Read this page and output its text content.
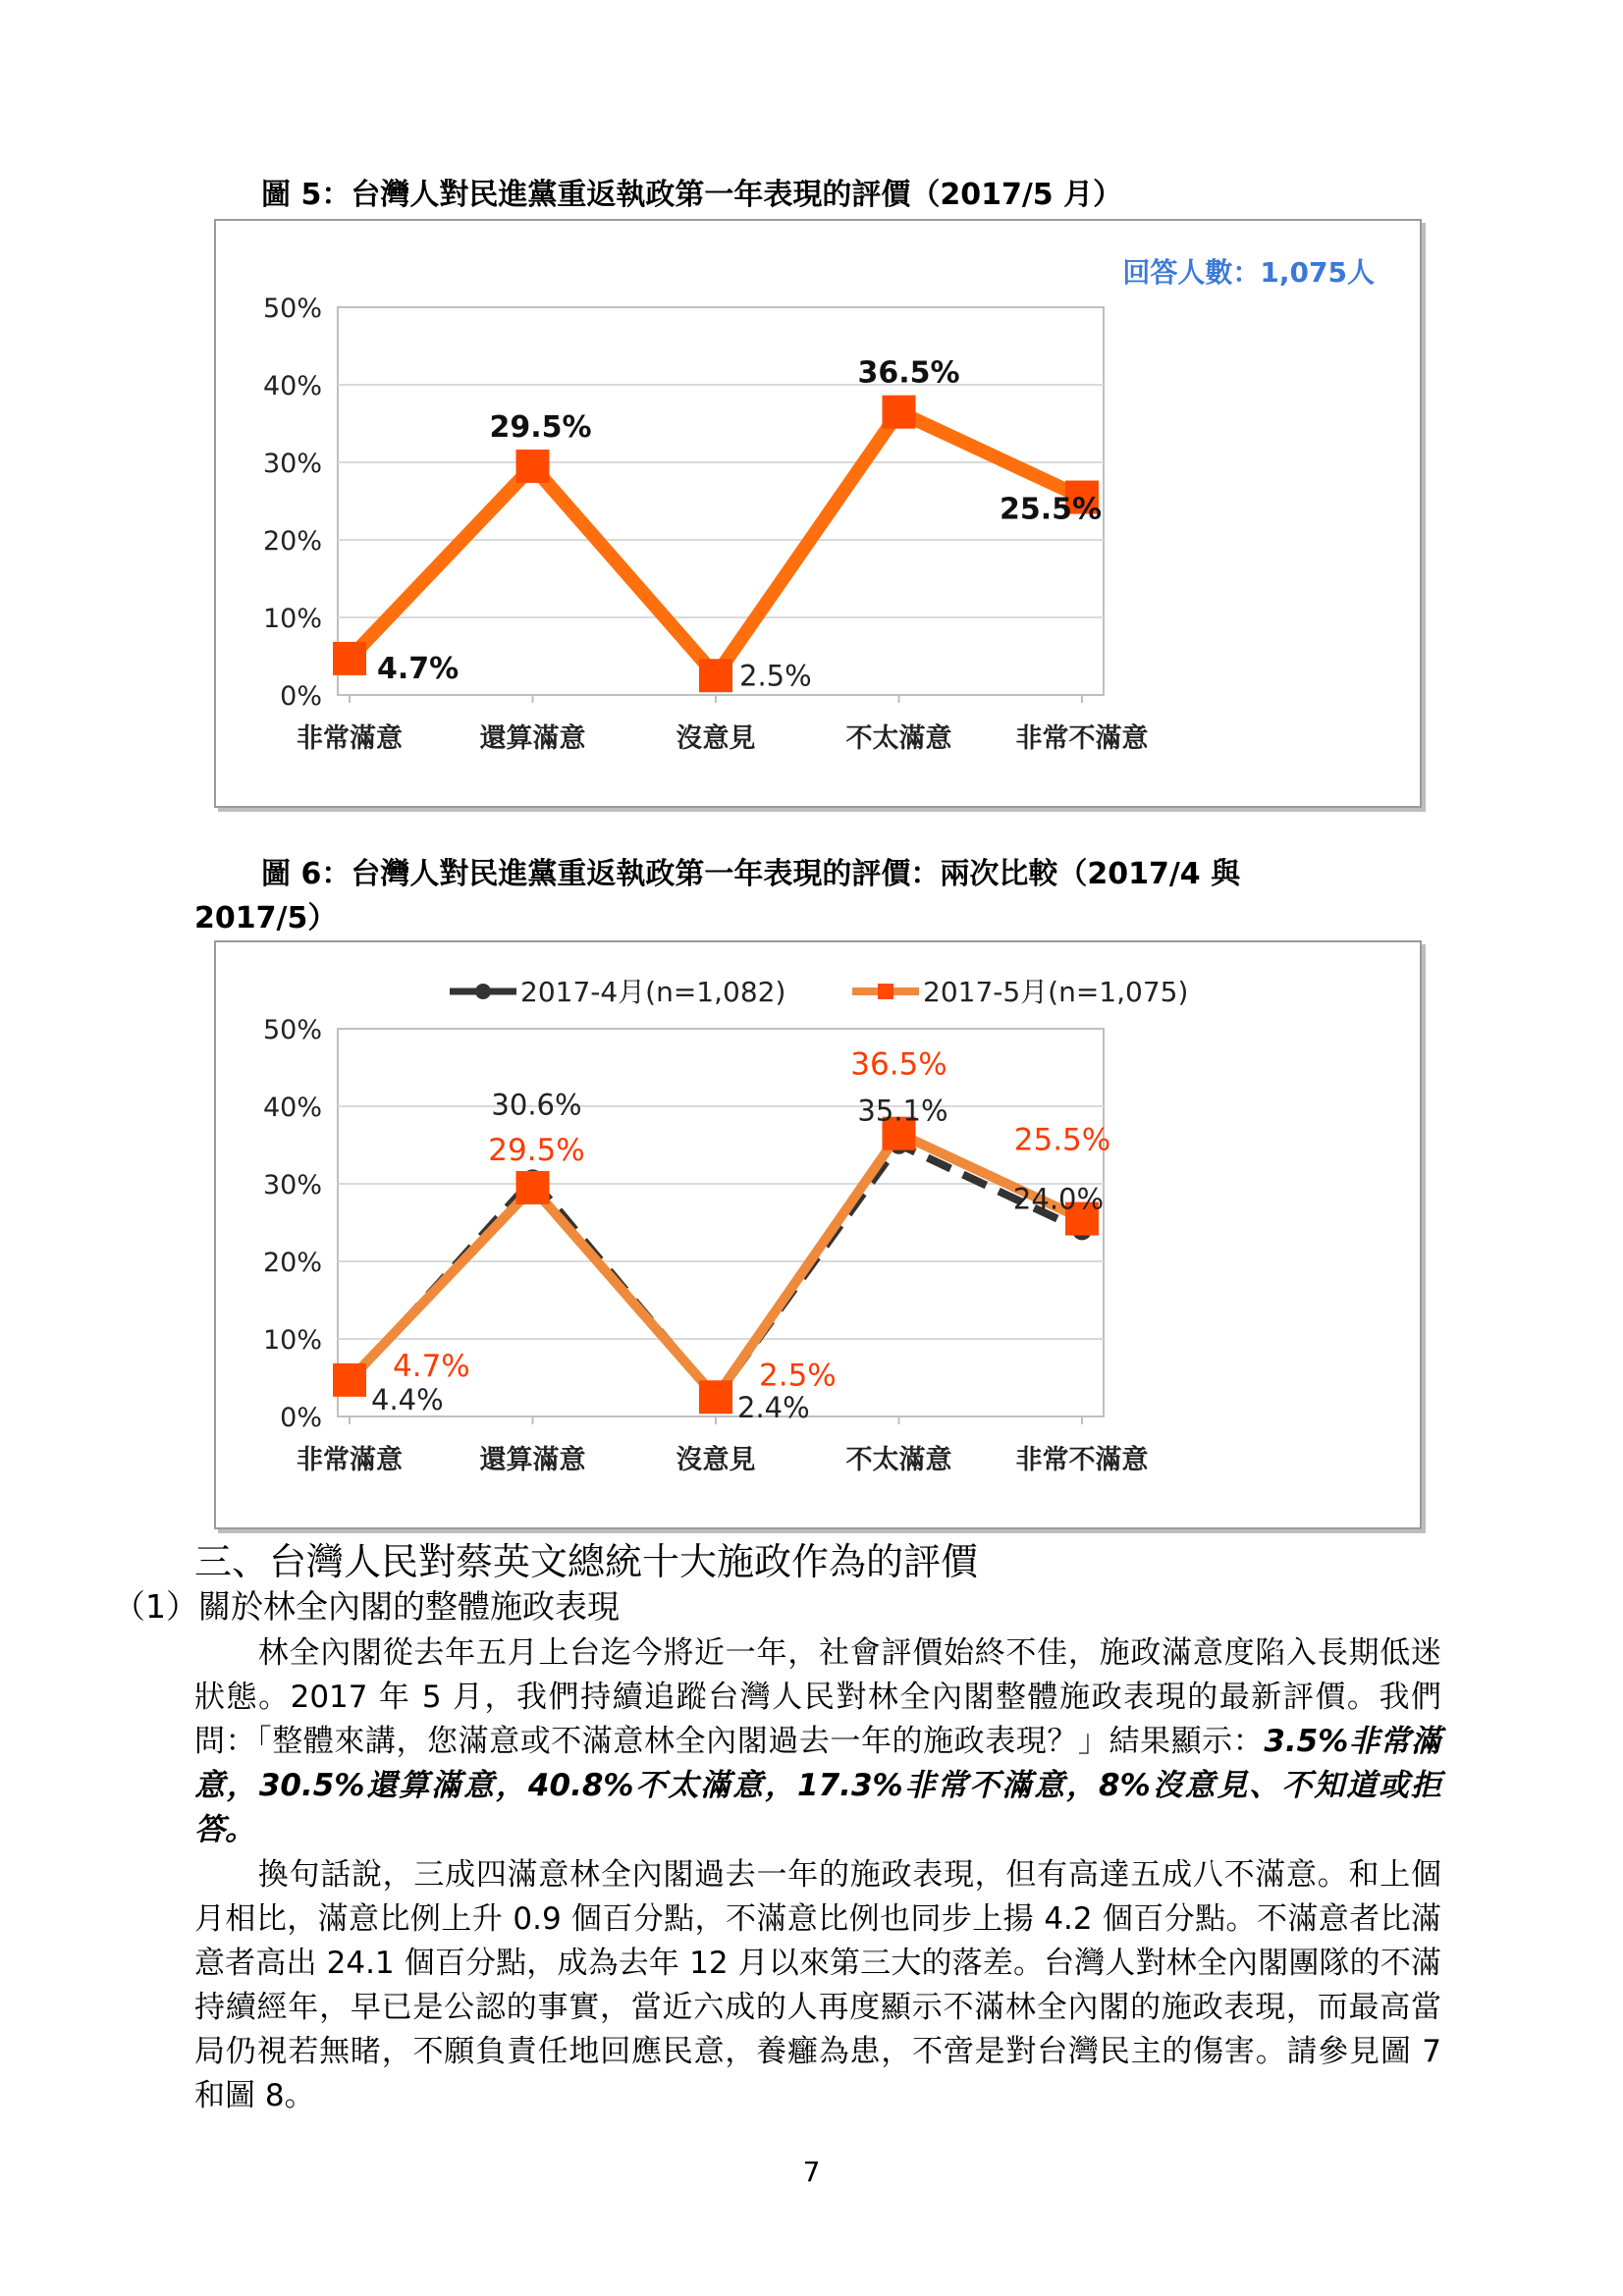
圖 5：台灣人對民進黨重返執政第一年表現的評價（2017/5 月）
0%
10%
20%
30%
40%
50%
非常滿意	還算滿意	沒意見	不太滿意 非常不滿意
回答人數：1,075人
4.7%
29.5%
2.5%
36.5%
25.5%
圖 6：台灣人對民進黨重返執政第一年表現的評價：兩次比較（2017/4 與
2017/5）
0%
10%
20%
30%
40%
50%
非常滿意	還算滿意	沒意見	不太滿意 非常不滿意
2017-4月(n=1,082)	2017-5月(n=1,075)
4.4%
30.6%
2.4%
35.1%
24.0%
4.7%
29.5%
2.5%
36.5%
25.5%
三、台灣人民對蔡英文總統十大施政作為的評價
（1）關於林全內閣的整體施政表現
林全內閣從去年五月上台迄今將近一年，社會評價始終不佳，施政滿意度陷入長期低迷狀態。2017 年 5 月，我們持續追蹤台灣人民對林全內閣整體施政表現的最新評價。我們問：「整體來講，您滿意或不滿意林全內閣過去一年的施政表現？」結果顯示：3.5%非常滿意，30.5%還算滿意，40.8%不太滿意，17.3%非常不滿意，8%沒意見、不知道或拒答。
換句話說，三成四滿意林全內閣過去一年的施政表現，但有高達五成八不滿意。和上個月相比，滿意比例上升 0.9 個百分點，不滿意比例也同步上揚 4.2 個百分點。不滿意者比滿意者高出 24.1 個百分點，成為去年 12 月以來第三大的落差。台灣人對林全內閣團隊的不滿持續經年，早已是公認的事實，當近六成的人再度顯示不滿林全內閣的施政表現，而最高當局仍視若無睹，不願負責任地回應民意，養癰為患，不啻是對台灣民主的傷害。請參見圖 7 和圖 8。
7
